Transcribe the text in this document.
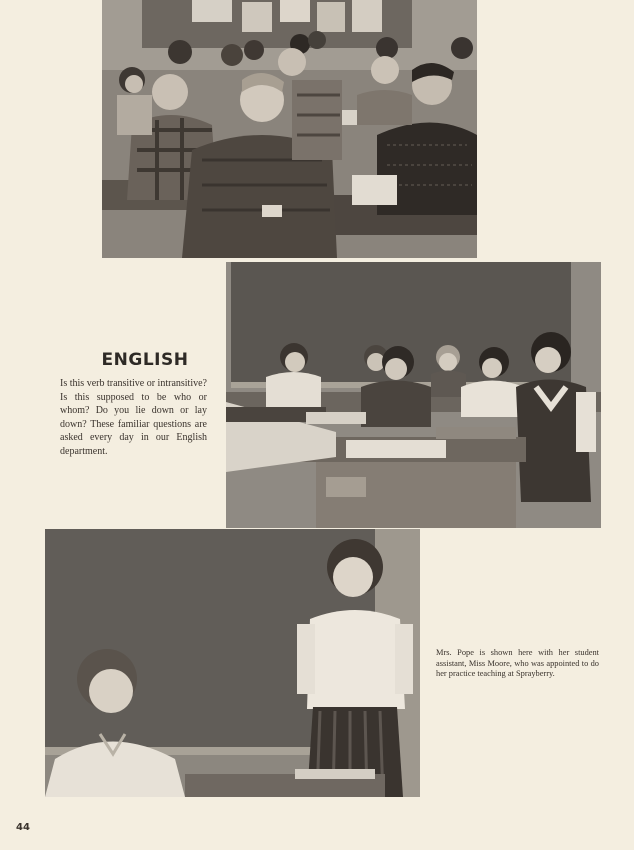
ENGLISH
Is this verb transitive or intransitive? Is this supposed to be who or whom? Do you lie down or lay down? These familiar questions are asked every day in our English department.
Mrs. Pope is shown here with her student assistant, Miss Moore, who was appointed to do her practice teaching at Sprayberry.
44
